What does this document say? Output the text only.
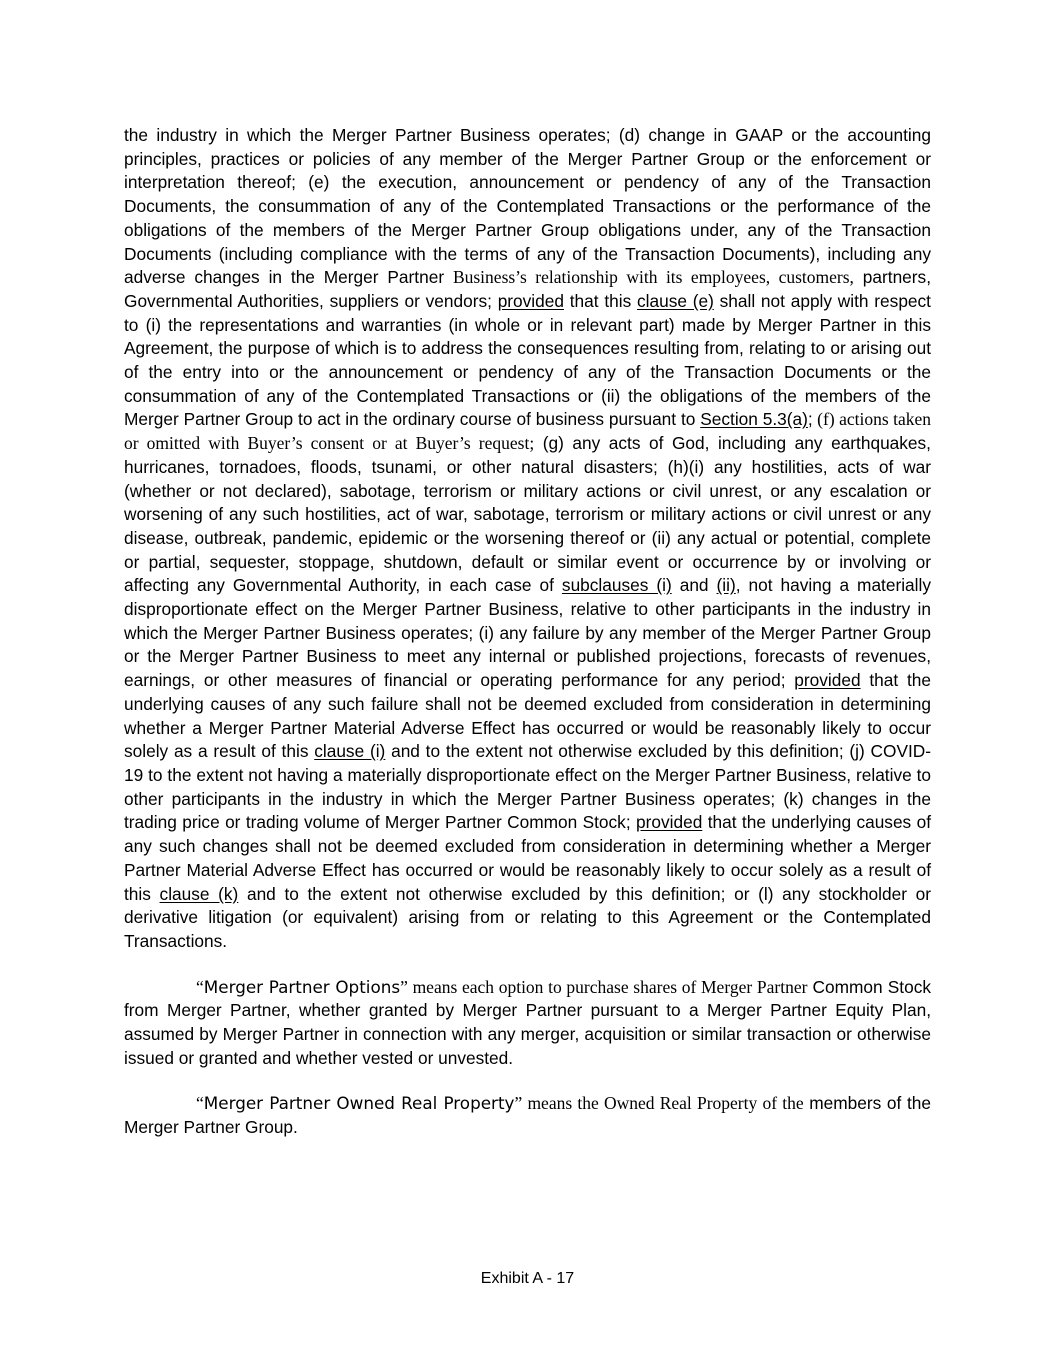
the industry in which the Merger Partner Business operates; (d) change in GAAP or the accounting principles, practices or policies of any member of the Merger Partner Group or the enforcement or interpretation thereof; (e) the execution, announcement or pendency of any of the Transaction Documents, the consummation of any of the Contemplated Transactions or the performance of the obligations of the members of the Merger Partner Group obligations under, any of the Transaction Documents (including compliance with the terms of any of the Transaction Documents), including any adverse changes in the Merger Partner Business’s relationship with its employees, customers, partners, Governmental Authorities, suppliers or vendors; provided that this clause (e) shall not apply with respect to (i) the representations and warranties (in whole or in relevant part) made by Merger Partner in this Agreement, the purpose of which is to address the consequences resulting from, relating to or arising out of the entry into or the announcement or pendency of any of the Transaction Documents or the consummation of any of the Contemplated Transactions or (ii) the obligations of the members of the Merger Partner Group to act in the ordinary course of business pursuant to Section 5.3(a); (f) actions taken or omitted with Buyer’s consent or at Buyer’s request; (g) any acts of God, including any earthquakes, hurricanes, tornadoes, floods, tsunami, or other natural disasters; (h)(i) any hostilities, acts of war (whether or not declared), sabotage, terrorism or military actions or civil unrest, or any escalation or worsening of any such hostilities, act of war, sabotage, terrorism or military actions or civil unrest or any disease, outbreak, pandemic, epidemic or the worsening thereof or (ii) any actual or potential, complete or partial, sequester, stoppage, shutdown, default or similar event or occurrence by or involving or affecting any Governmental Authority, in each case of subclauses (i) and (ii), not having a materially disproportionate effect on the Merger Partner Business, relative to other participants in the industry in which the Merger Partner Business operates; (i) any failure by any member of the Merger Partner Group or the Merger Partner Business to meet any internal or published projections, forecasts of revenues, earnings, or other measures of financial or operating performance for any period; provided that the underlying causes of any such failure shall not be deemed excluded from consideration in determining whether a Merger Partner Material Adverse Effect has occurred or would be reasonably likely to occur solely as a result of this clause (i) and to the extent not otherwise excluded by this definition; (j) COVID-19 to the extent not having a materially disproportionate effect on the Merger Partner Business, relative to other participants in the industry in which the Merger Partner Business operates; (k) changes in the trading price or trading volume of Merger Partner Common Stock; provided that the underlying causes of any such changes shall not be deemed excluded from consideration in determining whether a Merger Partner Material Adverse Effect has occurred or would be reasonably likely to occur solely as a result of this clause (k) and to the extent not otherwise excluded by this definition; or (l) any stockholder or derivative litigation (or equivalent) arising from or relating to this Agreement or the Contemplated Transactions.

“Merger Partner Options” means each option to purchase shares of Merger Partner Common Stock from Merger Partner, whether granted by Merger Partner pursuant to a Merger Partner Equity Plan, assumed by Merger Partner in connection with any merger, acquisition or similar transaction or otherwise issued or granted and whether vested or unvested.

“Merger Partner Owned Real Property” means the Owned Real Property of the members of the Merger Partner Group.

Exhibit A - 17
